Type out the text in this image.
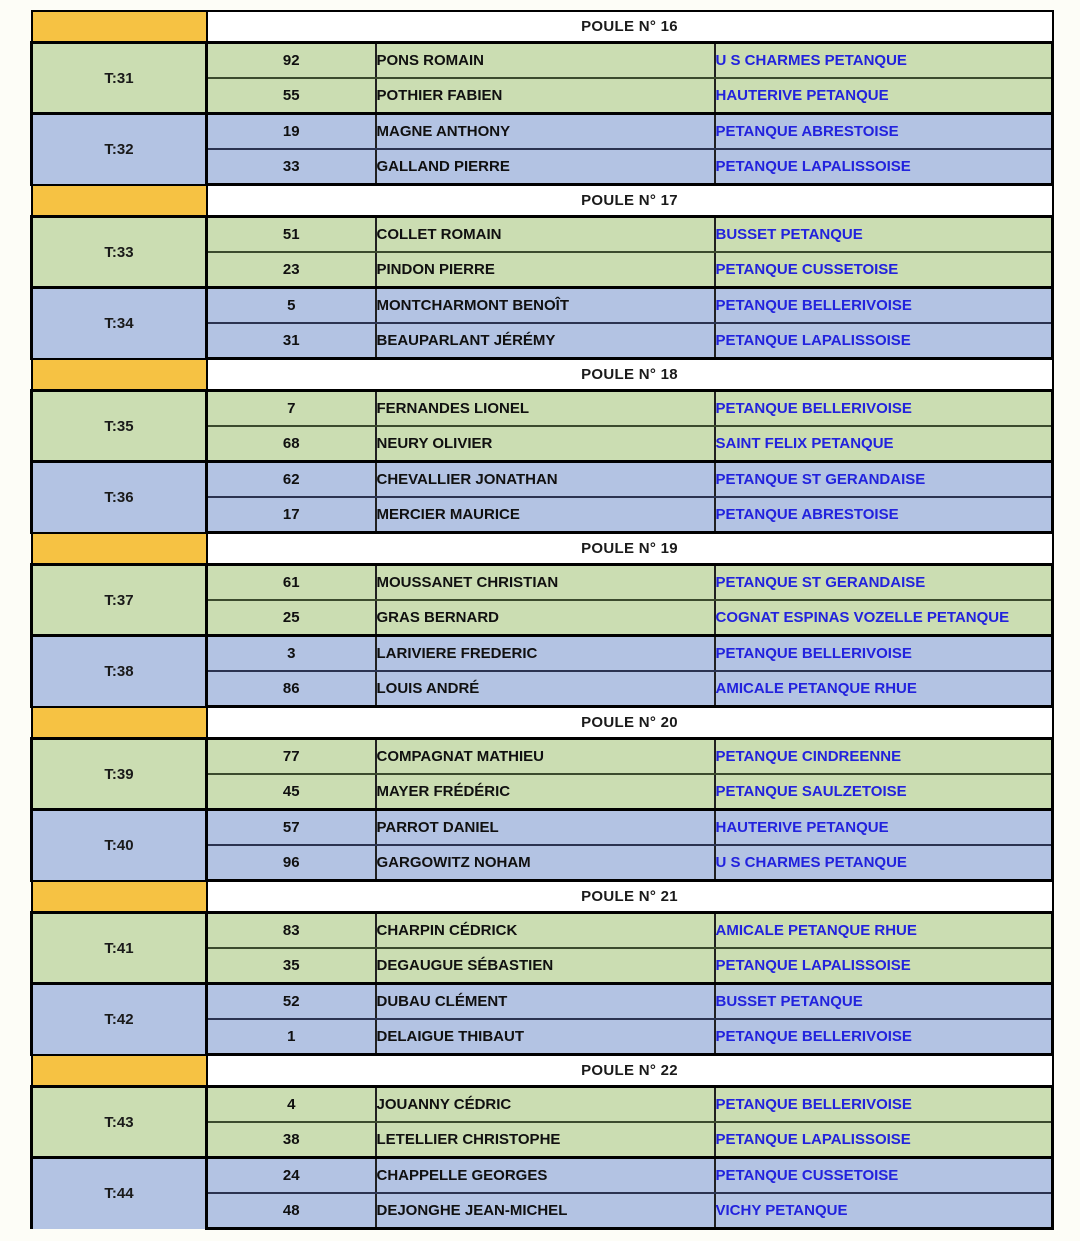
	POULE N° 16		
T:31	92	PONS ROMAIN	U S CHARMES PETANQUE
	55	POTHIER FABIEN	HAUTERIVE PETANQUE
T:32	19	MAGNE ANTHONY	PETANQUE ABRESTOISE
	33	GALLAND PIERRE	PETANQUE LAPALISSOISE
	POULE N° 17		
T:33	51	COLLET ROMAIN	BUSSET PETANQUE
	23	PINDON PIERRE	PETANQUE CUSSETOISE
T:34	5	MONTCHARMONT BENOÎT	PETANQUE BELLERIVOISE
	31	BEAUPARLANT JÉRÉMY	PETANQUE LAPALISSOISE
	POULE N° 18		
T:35	7	FERNANDES LIONEL	PETANQUE BELLERIVOISE
	68	NEURY OLIVIER	SAINT FELIX PETANQUE
T:36	62	CHEVALLIER JONATHAN	PETANQUE ST GERANDAISE
	17	MERCIER MAURICE	PETANQUE ABRESTOISE
	POULE N° 19		
T:37	61	MOUSSANET CHRISTIAN	PETANQUE ST GERANDAISE
	25	GRAS BERNARD	COGNAT ESPINAS VOZELLE PETANQUE
T:38	3	LARIVIERE FREDERIC	PETANQUE BELLERIVOISE
	86	LOUIS ANDRÉ	AMICALE PETANQUE RHUE
	POULE N° 20		
T:39	77	COMPAGNAT MATHIEU	PETANQUE CINDREENNE
	45	MAYER FRÉDÉRIC	PETANQUE SAULZETOISE
T:40	57	PARROT DANIEL	HAUTERIVE PETANQUE
	96	GARGOWITZ NOHAM	U S CHARMES PETANQUE
	POULE N° 21		
T:41	83	CHARPIN CÉDRICK	AMICALE PETANQUE RHUE
	35	DEGAUGUE SÉBASTIEN	PETANQUE LAPALISSOISE
T:42	52	DUBAU CLÉMENT	BUSSET PETANQUE
	1	DELAIGUE THIBAUT	PETANQUE BELLERIVOISE
	POULE N° 22		
T:43	4	JOUANNY CÉDRIC	PETANQUE BELLERIVOISE
	38	LETELLIER CHRISTOPHE	PETANQUE LAPALISSOISE
T:44	24	CHAPPELLE GEORGES	PETANQUE CUSSETOISE
	48	DEJONGHE JEAN-MICHEL	VICHY PETANQUE
